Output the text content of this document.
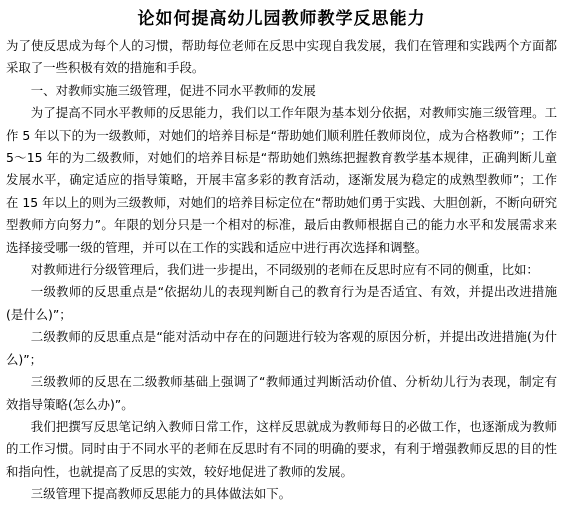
论如何提高幼儿园教师教学反思能力

为了使反思成为每个人的习惯，帮助每位老师在反思中实现自我发展，我们在管理和实践两个方面都采取了一些积极有效的措施和手段。

一、对教师实施三级管理，促进不同水平教师的发展

为了提高不同水平教师的反思能力，我们以工作年限为基本划分依据，对教师实施三级管理。工作 5 年以下的为一级教师，对她们的培养目标是“帮助她们顺利胜任教师岗位，成为合格教师”；工作 5～15 年的为二级教师，对她们的培养目标是“帮助她们熟练把握教育教学基本规律，正确判断儿童发展水平，确定适应的指导策略，开展丰富多彩的教育活动，逐渐发展为稳定的成熟型教师”；工作在 15 年以上的则为三级教师，对她们的培养目标定位在“帮助她们勇于实践、大胆创新，不断向研究型教师方向努力”。年限的划分只是一个相对的标准，最后由教师根据自己的能力水平和发展需求来选择接受哪一级的管理，并可以在工作的实践和适应中进行再次选择和调整。

对教师进行分级管理后，我们进一步提出，不同级别的老师在反思时应有不同的侧重，比如：

一级教师的反思重点是“依据幼儿的表现判断自己的教育行为是否适宜、有效，并提出改进措施(是什么)”；

二级教师的反思重点是“能对活动中存在的问题进行较为客观的原因分析，并提出改进措施(为什么)”；

三级教师的反思在二级教师基础上强调了“教师通过判断活动价值、分析幼儿行为表现，制定有效指导策略(怎么办)”。

我们把撰写反思笔记纳入教师日常工作，这样反思就成为教师每日的必做工作，也逐渐成为教师的工作习惯。同时由于不同水平的老师在反思时有不同的明确的要求，有利于增强教师反思的目的性和指向性，也就提高了反思的实效，较好地促进了教师的发展。

三级管理下提高教师反思能力的具体做法如下。
